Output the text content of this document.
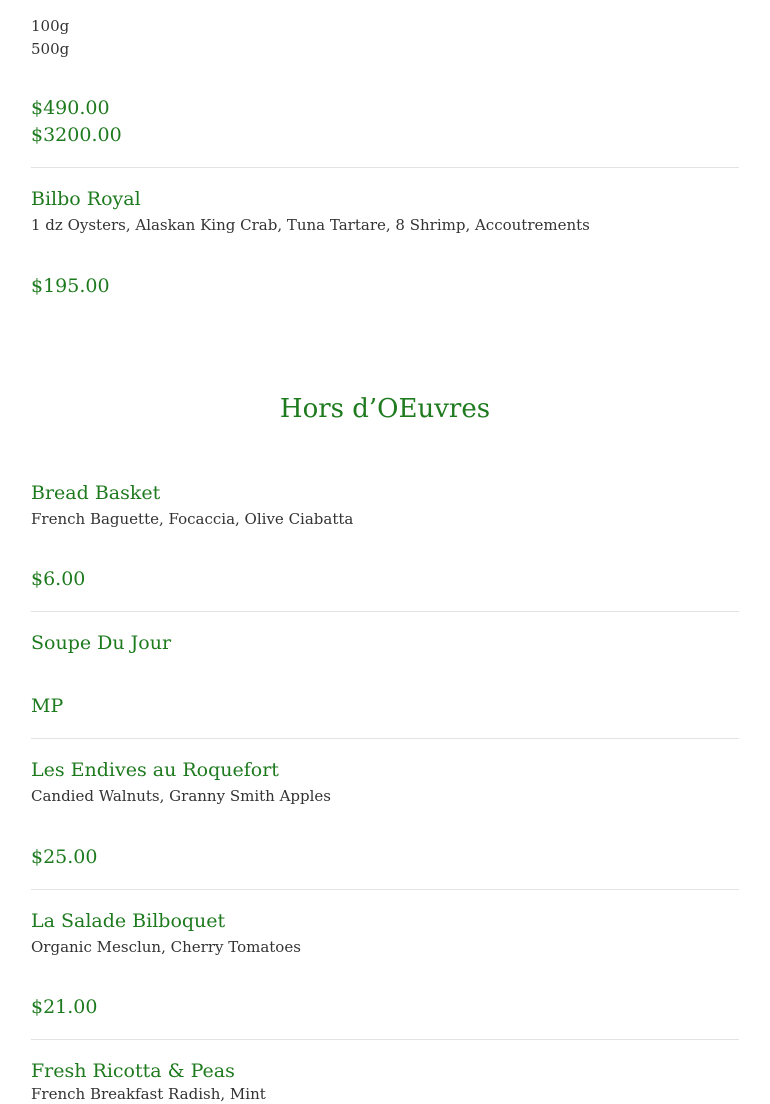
100g
500g
$490.00
$3200.00
Bilbo Royal
1 dz Oysters, Alaskan King Crab, Tuna Tartare, 8 Shrimp, Accoutrements
$195.00
Hors d’OEuvres
Bread Basket
French Baguette, Focaccia, Olive Ciabatta
$6.00
Soupe Du Jour
MP
Les Endives au Roquefort
Candied Walnuts, Granny Smith Apples
$25.00
La Salade Bilboquet
Organic Mesclun, Cherry Tomatoes
$21.00
Fresh Ricotta & Peas
French Breakfast Radish, Mint
